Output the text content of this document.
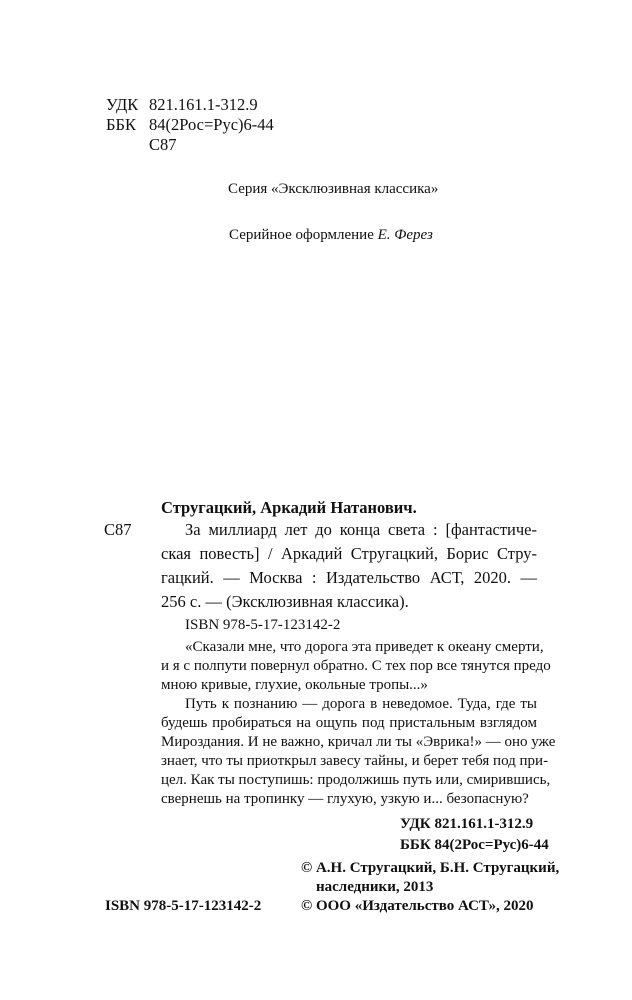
УДК 821.161.1-312.9
ББК 84(2Рос=Рус)6-44
С87
Серия «Эксклюзивная классика»
Серийное оформление Е. Ферез
Стругацкий, Аркадий Натанович.
С87	За миллиард лет до конца света : [фантастиче-
ская повесть] / Аркадий Стругацкий, Борис Стру-
гацкий. — Москва : Издательство АСТ, 2020. —
256 с. — (Эксклюзивная классика).
ISBN 978-5-17-123142-2
«Сказали мне, что дорога эта приведет к океану смерти,
и я с полпути повернул обратно. С тех пор все тянутся предо
мною кривые, глухие, окольные тропы...»
Путь к познанию — дорога в неведомое. Туда, где ты
будешь пробираться на ощупь под пристальным взглядом
Мироздания. И не важно, кричал ли ты «Эврика!» — оно уже
знает, что ты приоткрыл завесу тайны, и берет тебя под при-
цел. Как ты поступишь: продолжишь путь или, смирившись,
свернешь на тропинку — глухую, узкую и... безопасную?
УДК 821.161.1-312.9
ББК 84(2Рос=Рус)6-44
© А.Н. Стругацкий, Б.Н. Стругацкий,
наследники, 2013
© ООО «Издательство АСТ», 2020
ISBN 978-5-17-123142-2
